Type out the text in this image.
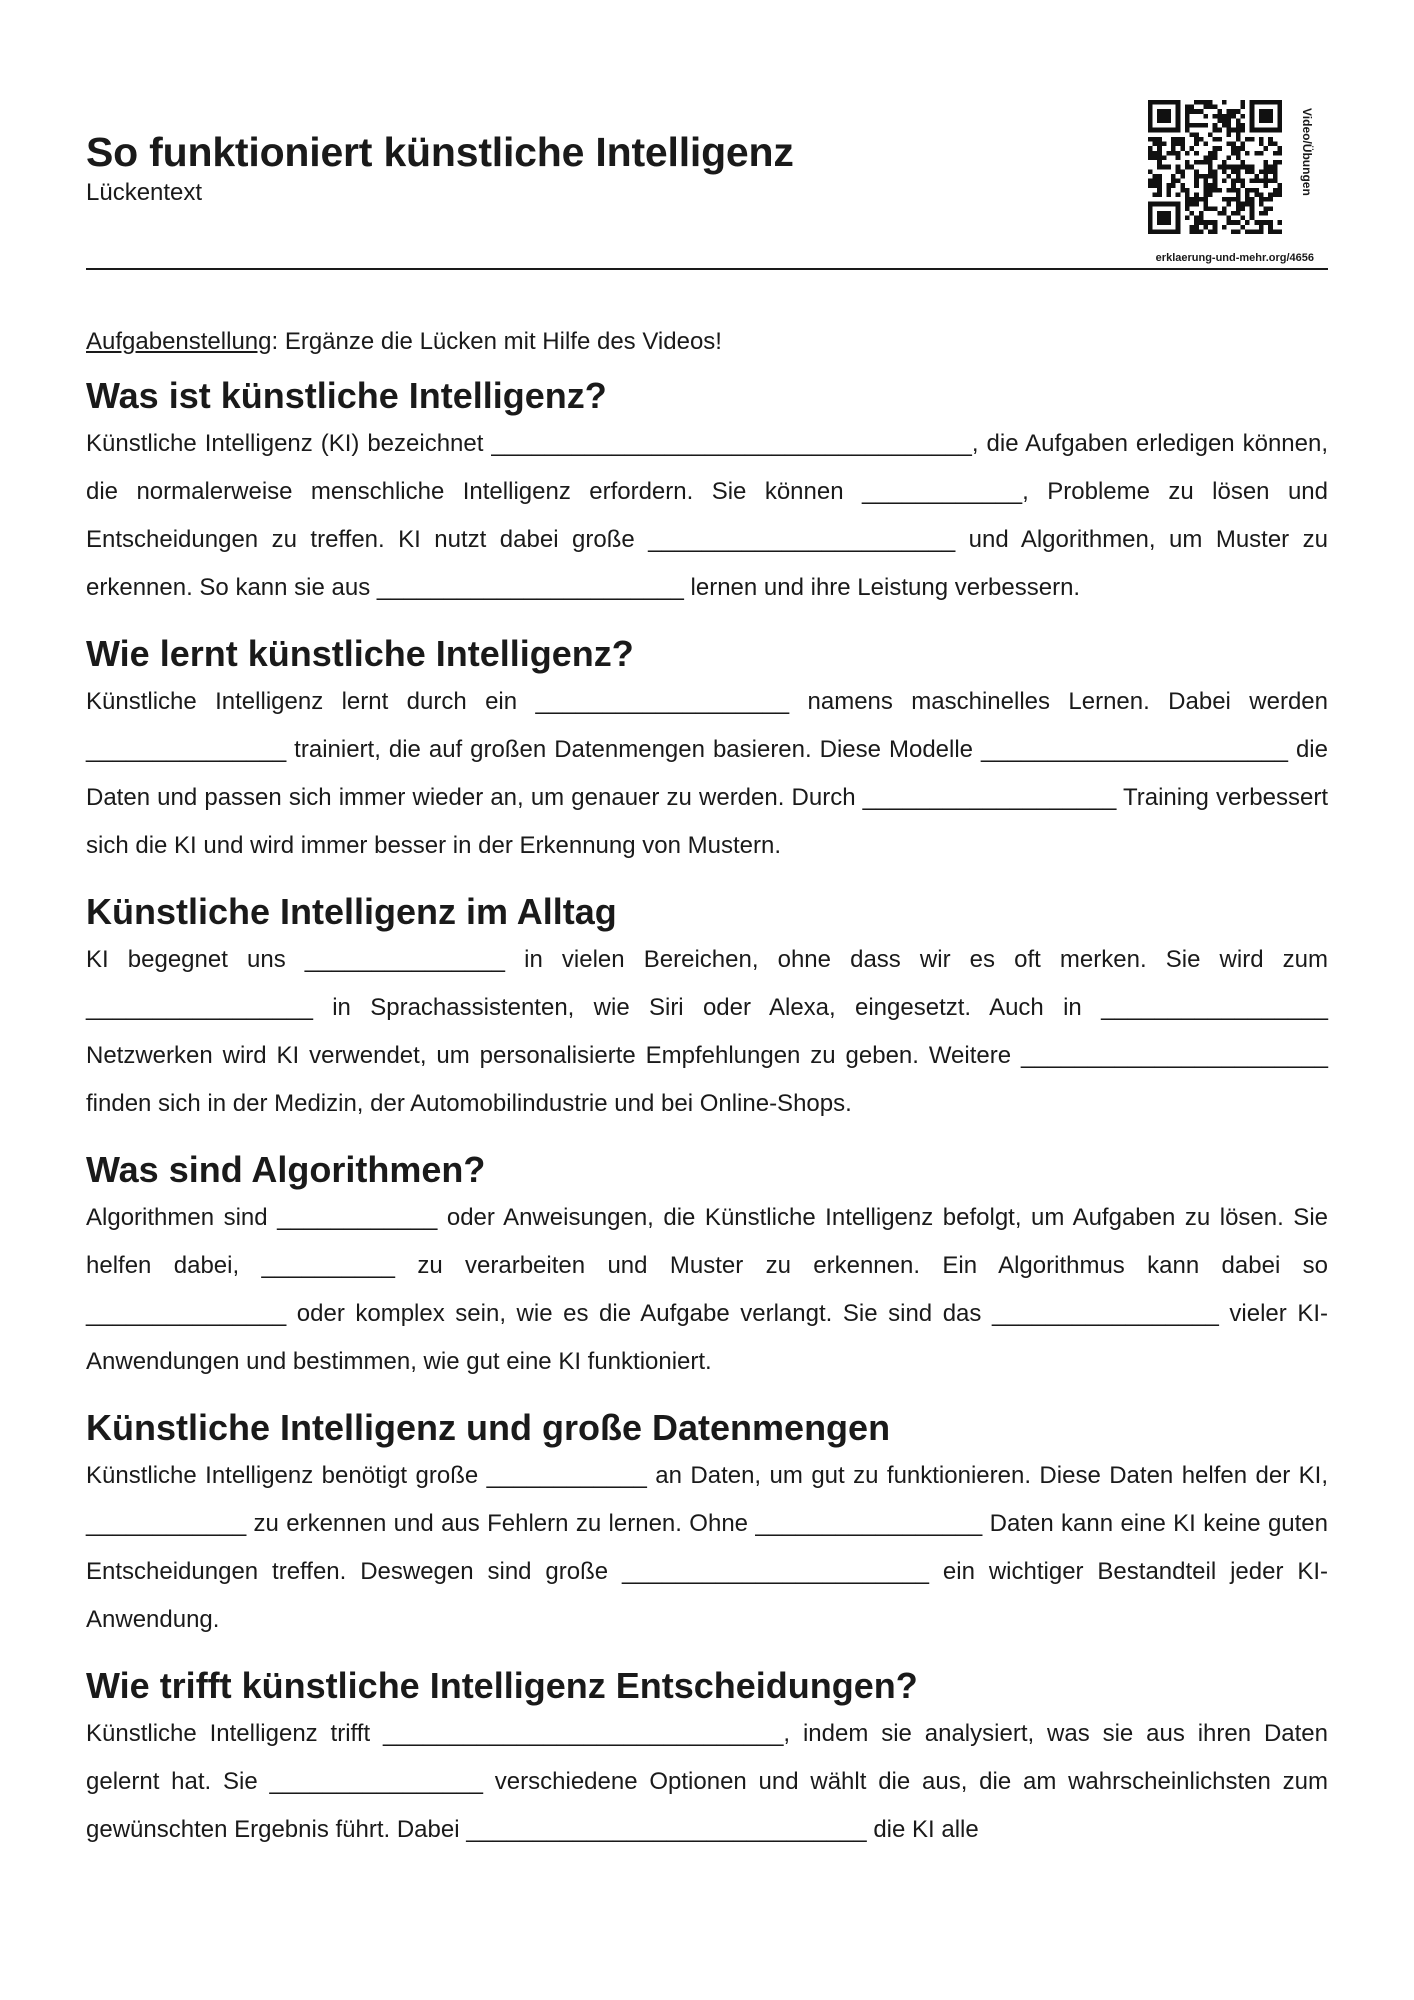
So funktioniert künstliche Intelligenz
Lückentext	Video/Übungen
erklaerung-und-mehr.org/4656

Aufgabenstellung: Ergänze die Lücken mit Hilfe des Videos!

Was ist künstliche Intelligenz?

Künstliche Intelligenz (KI) bezeichnet ____________________________________, die Aufgaben erledigen können, die normalerweise menschliche Intelligenz erfordern. Sie können ____________, Probleme zu lösen und Entscheidungen zu treffen. KI nutzt dabei große _______________________ und Algorithmen, um Muster zu erkennen. So kann sie aus _______________________ lernen und ihre Leistung verbessern.

Wie lernt künstliche Intelligenz?

Künstliche Intelligenz lernt durch ein ___________________ namens maschinelles Lernen. Dabei werden _______________ trainiert, die auf großen Datenmengen basieren. Diese Modelle _______________________ die Daten und passen sich immer wieder an, um genauer zu werden. Durch ___________________ Training verbessert sich die KI und wird immer besser in der Erkennung von Mustern.

Künstliche Intelligenz im Alltag

KI begegnet uns _______________ in vielen Bereichen, ohne dass wir es oft merken. Sie wird zum _________________ in Sprachassistenten, wie Siri oder Alexa, eingesetzt. Auch in _________________ Netzwerken wird KI verwendet, um personalisierte Empfehlungen zu geben. Weitere _______________________ finden sich in der Medizin, der Automobilindustrie und bei Online-Shops.

Was sind Algorithmen?

Algorithmen sind ____________ oder Anweisungen, die Künstliche Intelligenz befolgt, um Aufgaben zu lösen. Sie helfen dabei, __________ zu verarbeiten und Muster zu erkennen. Ein Algorithmus kann dabei so _______________ oder komplex sein, wie es die Aufgabe verlangt. Sie sind das _________________ vieler KI-Anwendungen und bestimmen, wie gut eine KI funktioniert.

Künstliche Intelligenz und große Datenmengen

Künstliche Intelligenz benötigt große ____________ an Daten, um gut zu funktionieren. Diese Daten helfen der KI, ____________ zu erkennen und aus Fehlern zu lernen. Ohne _________________ Daten kann eine KI keine guten Entscheidungen treffen. Deswegen sind große _______________________ ein wichtiger Bestandteil jeder KI-Anwendung.

Wie trifft künstliche Intelligenz Entscheidungen?

Künstliche Intelligenz trifft ______________________________, indem sie analysiert, was sie aus ihren Daten gelernt hat. Sie ________________ verschiedene Optionen und wählt die aus, die am wahrscheinlichsten zum gewünschten Ergebnis führt. Dabei ______________________________ die KI alle
